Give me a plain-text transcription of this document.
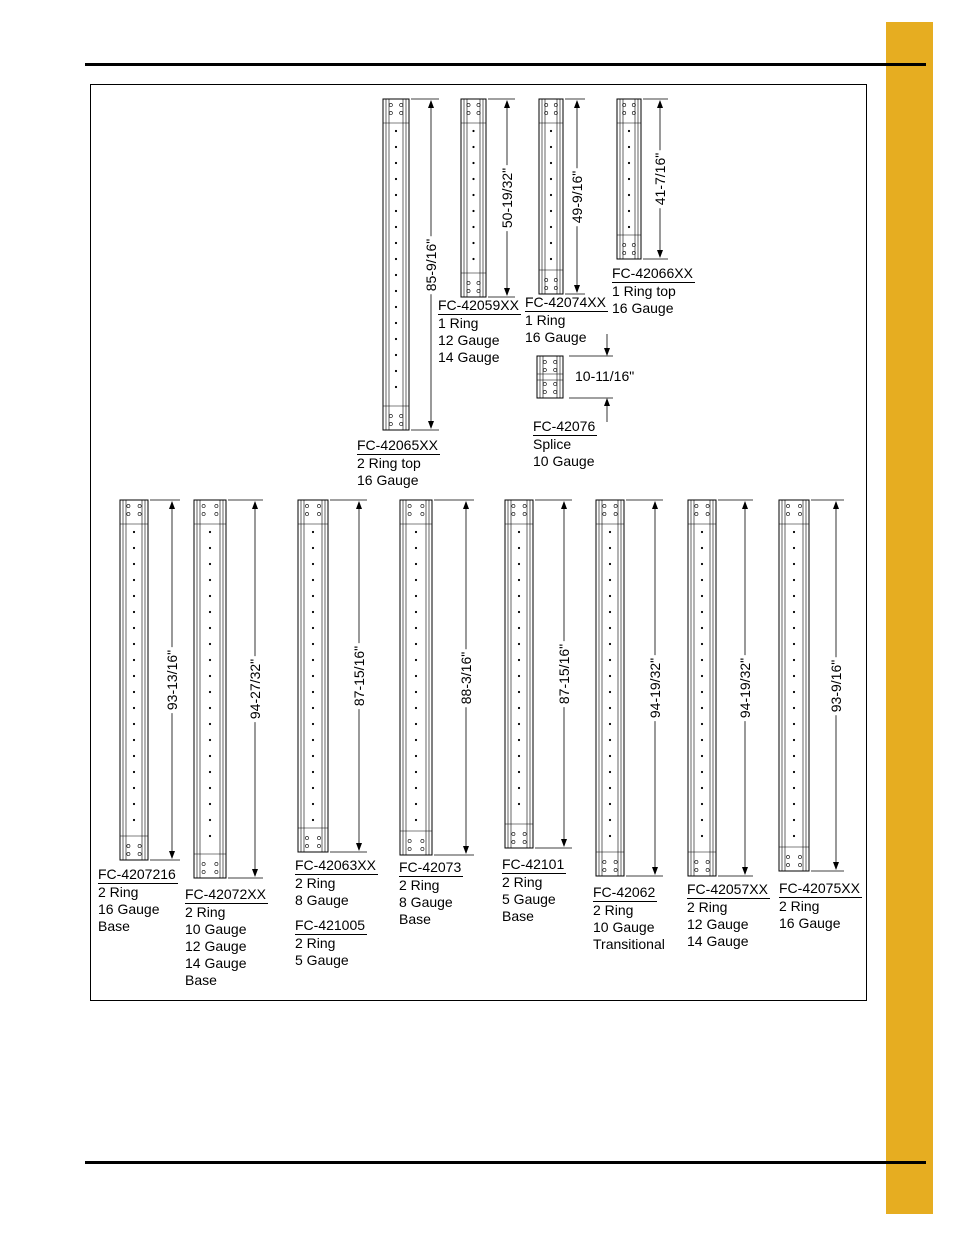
85-9/16"
FC-42065XX
2 Ring top
16 Gauge
50-19/32"
FC-42059XX
1 Ring
12 Gauge
14 Gauge
49-9/16"
FC-42074XX
1 Ring
16 Gauge
41-7/16"
FC-42066XX
1 Ring top
16 Gauge
10-11/16"
FC-42076
Splice
10 Gauge
93-13/16"
FC-4207216
2 Ring
16 Gauge
Base
94-27/32"
FC-42072XX
2 Ring
10 Gauge
12 Gauge
14 Gauge
Base
87-15/16"
FC-42063XX
2 Ring
8 Gauge
FC-421005
2 Ring
5 Gauge
88-3/16"
FC-42073
2 Ring
8 Gauge
Base
87-15/16"
FC-42101
2 Ring
5 Gauge
Base
94-19/32"
FC-42062
2 Ring
10 Gauge
Transitional
94-19/32"
FC-42057XX
2 Ring
12 Gauge
14 Gauge
93-9/16"
FC-42075XX
2 Ring
16 Gauge
